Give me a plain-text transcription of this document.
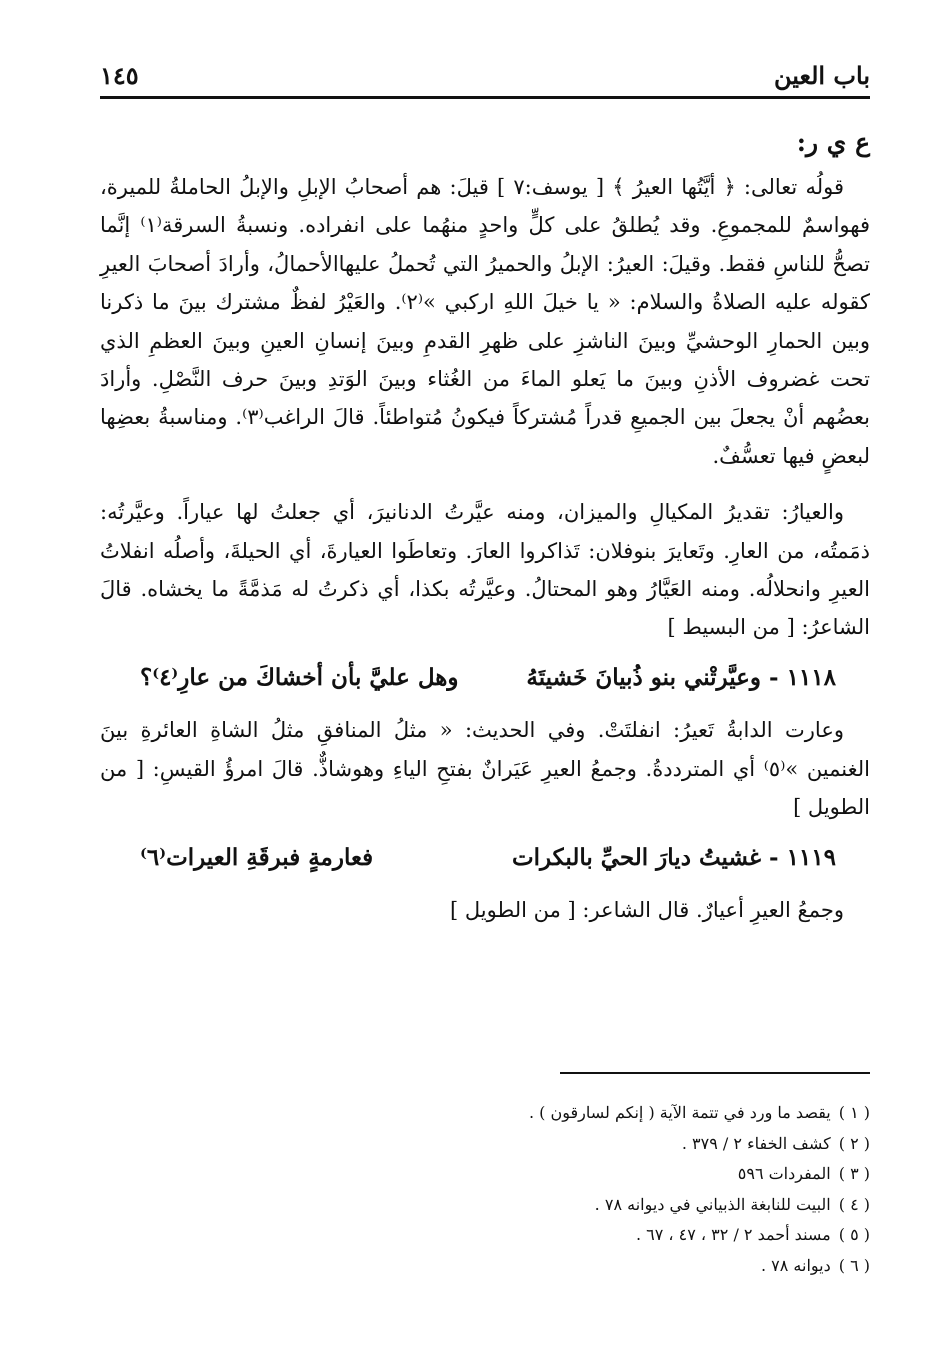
باب العين
١٤٥
ع ي ر:

قولُه تعالى: ﴿ أيَّتُها العيرُ ﴾ [ يوسف:٧ ] قيلَ: هم أصحابُ الإبلِ والإبلُ الحاملةُ للميرة، فهواسمٌ للمجموعِ. وقد يُطلقُ على كلٍّ واحدٍ منهُما على انفراده. ونسبةُ السرقة⁽١⁾ إنَّما تصحُّ للناسِ فقط. وقيلَ: العيرُ: الإبلُ والحميرُ التي تُحملُ عليهاالأحمالُ، وأرادَ أصحابَ العيرِ كقوله عليه الصلاةُ والسلام: « يا خيلَ اللهِ اركبي »⁽٢⁾. والعَيْرُ لفظٌ مشترك بينَ ما ذكرنا وبين الحمارِ الوحشيِّ وبينَ الناشزِ على ظهرِ القدمِ وبينَ إنسانِ العينِ وبينَ العظمِ الذي تحت غضروف الأذنِ وبينَ ما يَعلو الماءَ من الغُثاء وبينَ الوَتدِ وبينَ حرف النَّصْلِ. وأرادَ بعضُهم أنْ يجعلَ بين الجميعِ قدراً مُشتركاً فيكونُ مُتواطئاً. قالَ الراغب⁽٣⁾. ومناسبةُ بعضِها لبعضٍ فيها تعسُّفٌ.

والعيارُ: تقديرُ المكيالِ والميزان، ومنه عيَّرتُ الدنانيرَ، أي جعلتُ لها عياراً. وعيَّرتُه: ذمَمتُه، من العارِ. وتَعايرَ بنوفلان: تَذاكروا العارَ. وتعاطَوا العيارةَ، أي الحيلةَ، وأصلُه انفلاتُ العيرِ وانحلالُه. ومنه العَيَّارُ وهو المحتالُ. وعيَّرتُه بكذا، أي ذكرتُ له مَذمَّةً ما يخشاه. قالَ الشاعرُ: [ من البسيط ]

١١١٨ - وعيَّرتْني بنو ذُبيانَ خَشيتَهُ
وهل عليَّ بأن أخشاكَ من عارِ⁽٤⁾؟

وعارت الدابةُ تَعيرُ: انفلتَتْ. وفي الحديث: « مثلُ المنافقِ مثلُ الشاةِ العائرةِ بينَ الغنمين »⁽٥⁾ أي المترددةُ. وجمعُ العيرِ عَيَرانٌ بفتحِ الياءِ وهوشاذٌّ. قالَ امرؤُ القيسِ: [ من الطويل ]

١١١٩ - غشيتُ ديارَ الحيِّ بالبكرات
فعارمةٍ فبرقَةِ العيرات⁽٦⁾

وجمعُ العيرِ أعيارٌ. قال الشاعر: [ من الطويل ]

( ١ )
يقصد ما ورد في تتمة الآية ( إنكم لسارقون ) .
( ٢ )
كشف الخفاء ٢ / ٣٧٩ .
( ٣ )
المفردات ٥٩٦
( ٤ )
البيت للنابغة الذبياني في ديوانه ٧٨ .
( ٥ )
مسند أحمد ٢ / ٣٢ ، ٤٧ ، ٦٧ .
( ٦ )
ديوانه ٧٨ .
